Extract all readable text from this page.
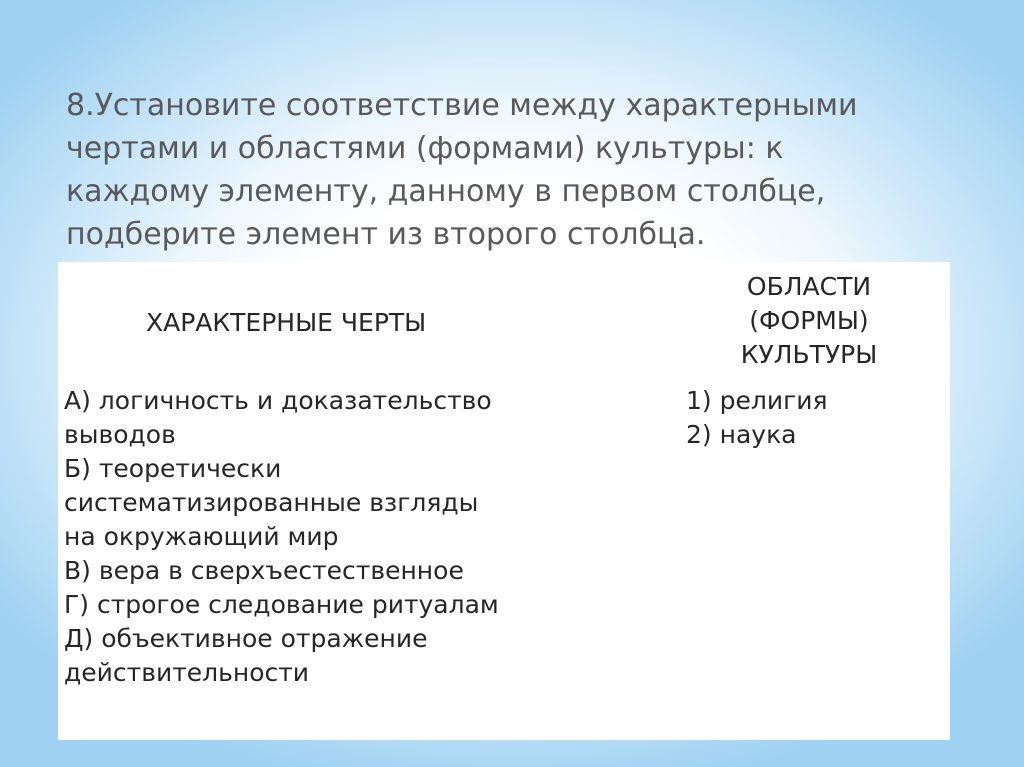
8.Установите соответствие между характерными
чертами и областями (формами) культуры: к
каждому элементу, данному в первом столбце,
подберите элемент из второго столбца.
ХАРАКТЕРНЫЕ ЧЕРТЫ
ОБЛАСТИ
(ФОРМЫ)
КУЛЬТУРЫ
А) логичность и доказательство
выводов
Б) теоретически
систематизированные взгляды
на окружающий мир
В) вера в сверхъестественное
Г) строгое следование ритуалам
Д) объективное отражение
действительности
1) религия
2) наука
